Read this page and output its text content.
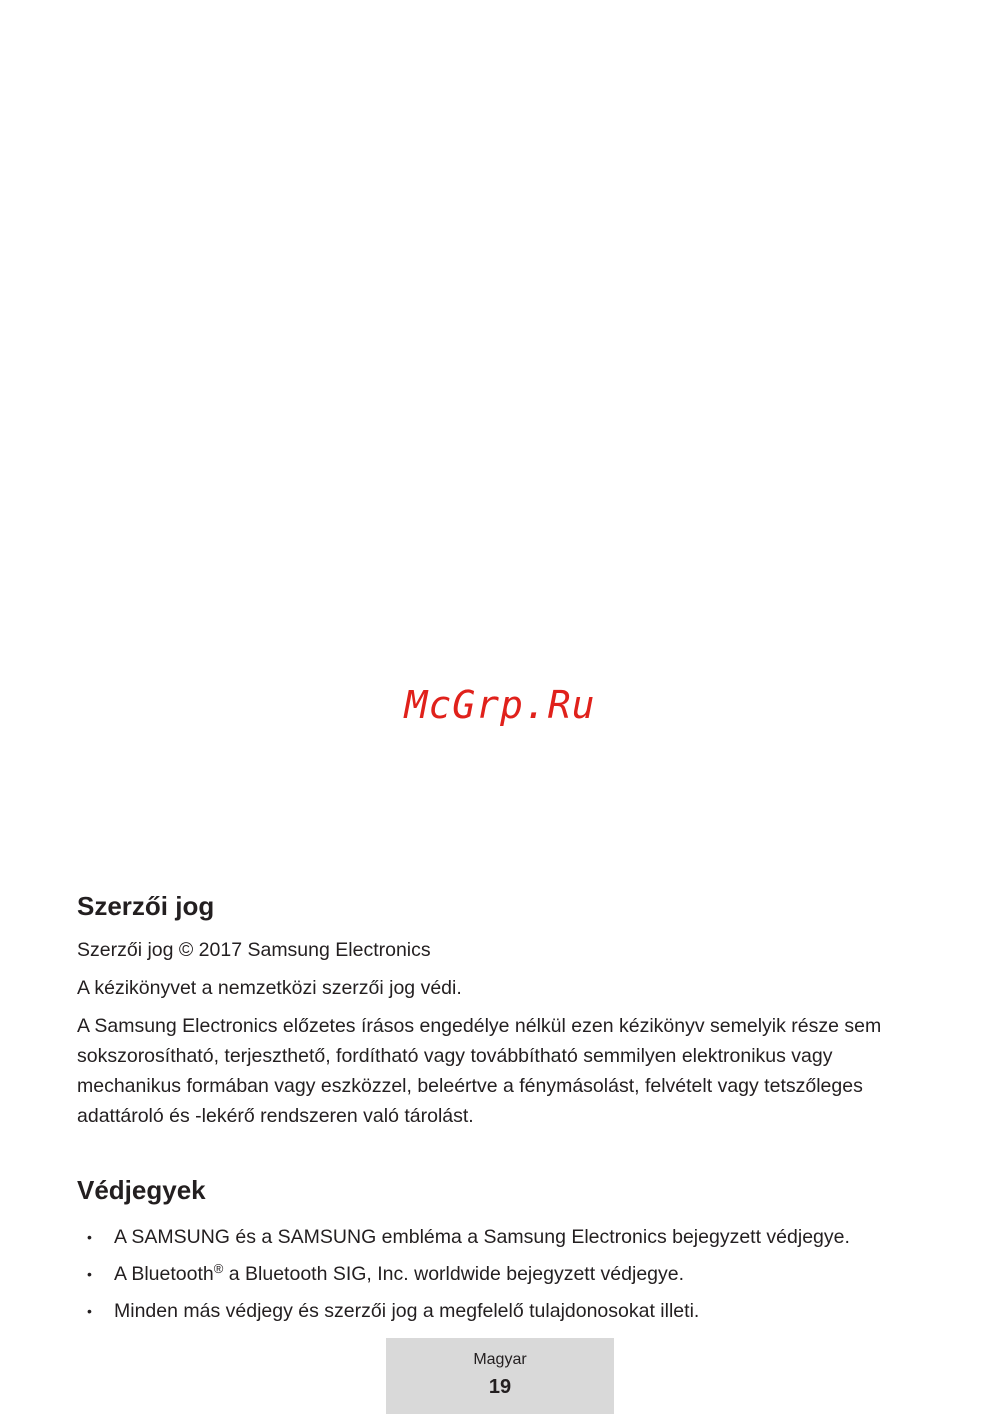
McGrp.Ru
Szerzői jog

Szerzői jog © 2017 Samsung Electronics

A kézikönyvet a nemzetközi szerzői jog védi.

A Samsung Electronics előzetes írásos engedélye nélkül ezen kézikönyv semelyik része sem sokszorosítható, terjeszthető, fordítható vagy továbbítható semmilyen elektronikus vagy mechanikus formában vagy eszközzel, beleértve a fénymásolást, felvételt vagy tetszőleges adattároló és -lekérő rendszeren való tárolást.

Védjegyek
• A SAMSUNG és a SAMSUNG embléma a Samsung Electronics bejegyzett védjegye.
• A Bluetooth® a Bluetooth SIG, Inc. worldwide bejegyzett védjegye.
• Minden más védjegy és szerzői jog a megfelelő tulajdonosokat illeti.
Magyar
19
